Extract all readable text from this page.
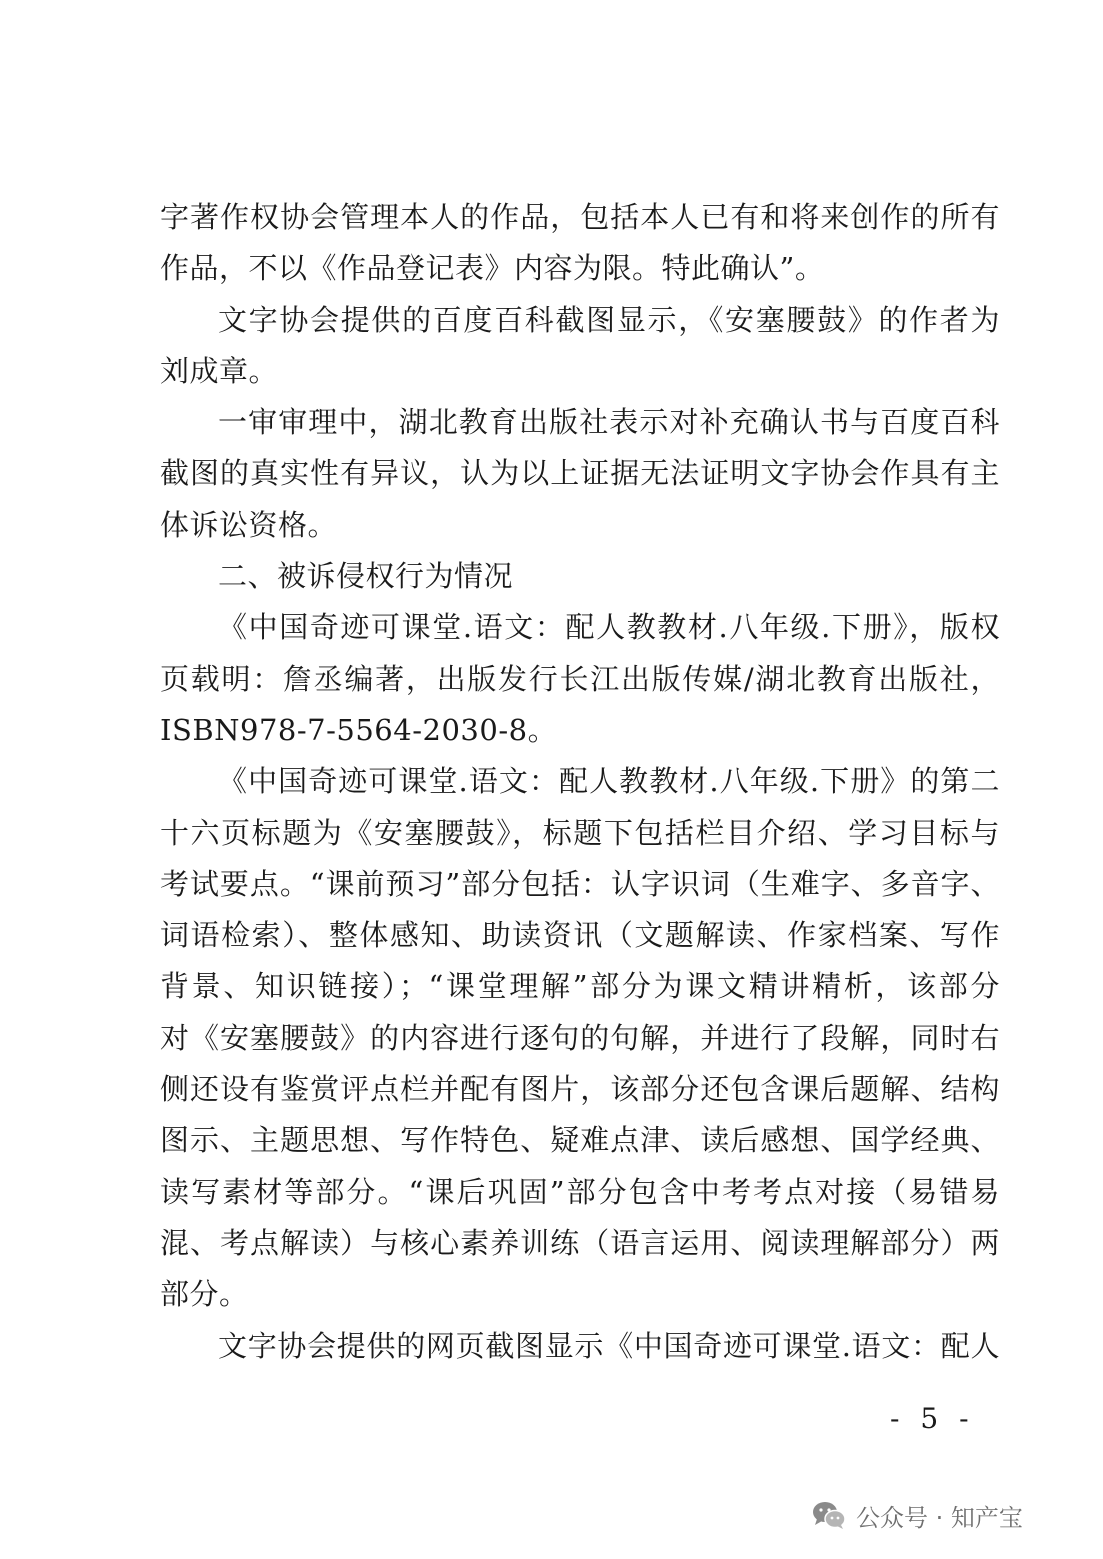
字著作权协会管理本人的作品，包括本人已有和将来创作的所有
作品，不以《作品登记表》内容为限。特此确认”。
文字协会提供的百度百科截图显示，《安塞腰鼓》的作者为
刘成章。
一审审理中，湖北教育出版社表示对补充确认书与百度百科
截图的真实性有异议，认为以上证据无法证明文字协会作具有主
体诉讼资格。
二、被诉侵权行为情况
《中国奇迹可课堂.语文：配人教教材.八年级.下册》，版权
页载明：詹丞编著，出版发行长江出版传媒/湖北教育出版社，
ISBN978-7-5564-2030-8。
《中国奇迹可课堂.语文：配人教教材.八年级.下册》的第二
十六页标题为《安塞腰鼓》，标题下包括栏目介绍、学习目标与
考试要点。“课前预习”部分包括：认字识词（生难字、多音字、
词语检索）、整体感知、助读资讯（文题解读、作家档案、写作
背景、知识链接）；“课堂理解”部分为课文精讲精析，该部分
对《安塞腰鼓》的内容进行逐句的句解，并进行了段解，同时右
侧还设有鉴赏评点栏并配有图片，该部分还包含课后题解、结构
图示、主题思想、写作特色、疑难点津、读后感想、国学经典、
读写素材等部分。“课后巩固”部分包含中考考点对接（易错易
混、考点解读）与核心素养训练（语言运用、阅读理解部分）两
部分。
文字协会提供的网页截图显示《中国奇迹可课堂.语文：配人
- 5 -
公众号 · 知产宝
